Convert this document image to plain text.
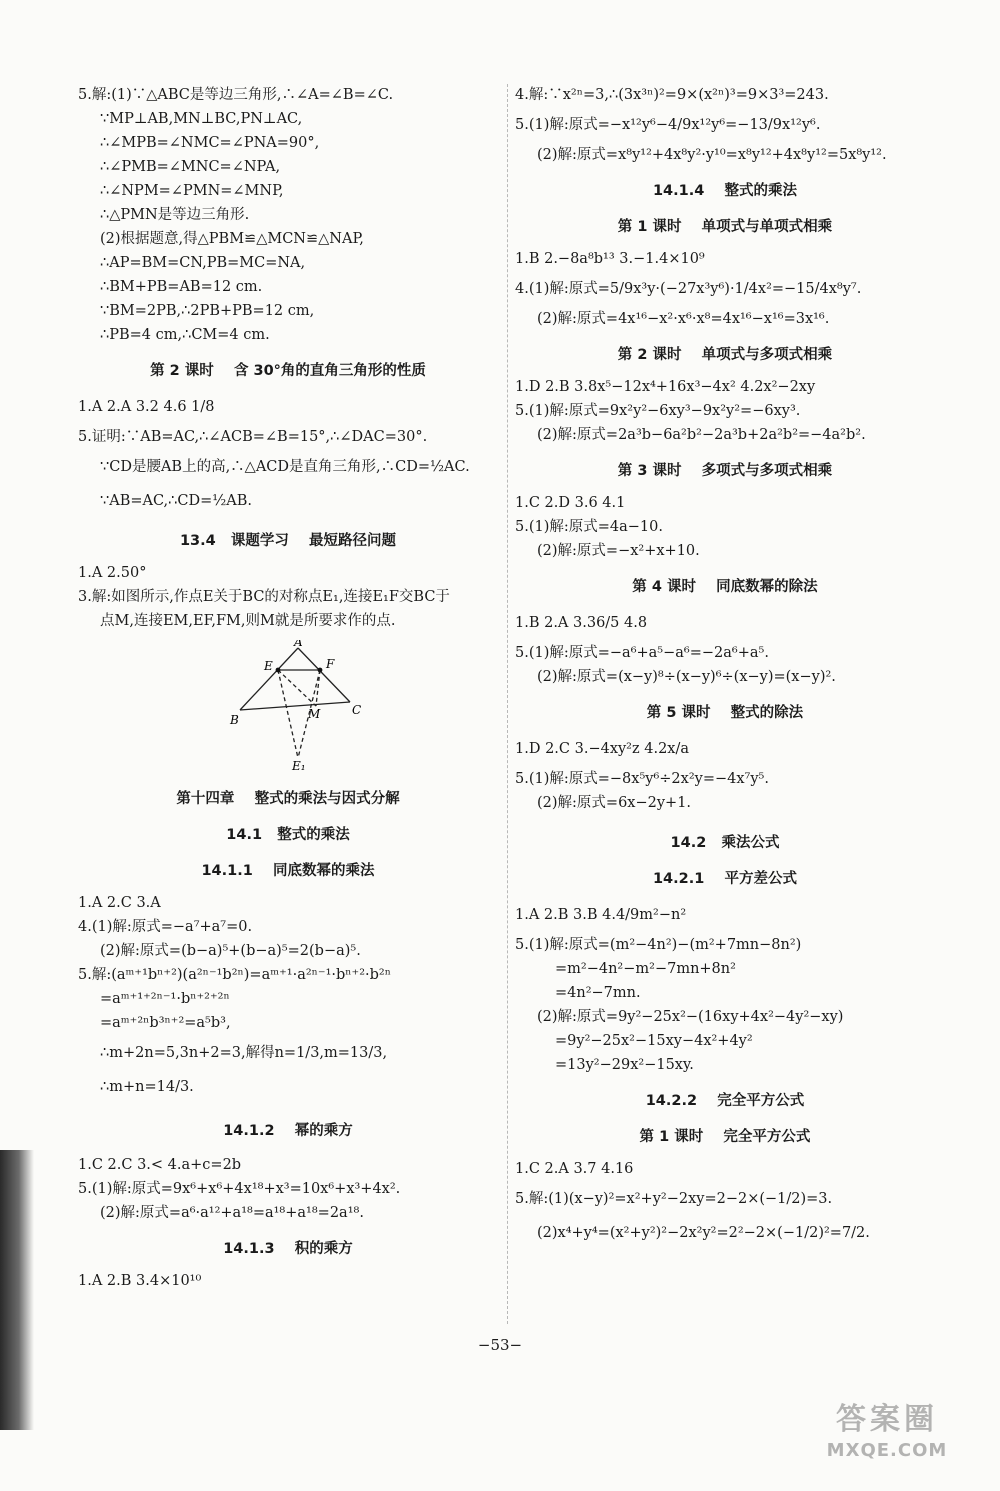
5.解:(1)∵△ABC是等边三角形,∴∠A=∠B=∠C.
∵MP⊥AB,MN⊥BC,PN⊥AC,
∴∠MPB=∠NMC=∠PNA=90°,
∴∠PMB=∠MNC=∠NPA,
∴∠NPM=∠PMN=∠MNP,
∴△PMN是等边三角形.
(2)根据题意,得△PBM≌△MCN≌△NAP,
∴AP=BM=CN,PB=MC=NA,
∴BM+PB=AB=12 cm.
∵BM=2PB,∴2PB+PB=12 cm,
∴PB=4 cm,∴CM=4 cm.
第 2 课时    含 30°角的直角三角形的性质
1.A 2.A 3.2 4.6 1/8
5.证明:∵AB=AC,∴∠ACB=∠B=15°,∴∠DAC=30°.
∵CD是腰AB上的高,∴△ACD是直角三角形,∴CD=½AC.
∵AB=AC,∴CD=½AB.
13.4   课题学习    最短路径问题
1.A 2.50°
3.解:如图所示,作点E关于BC的对称点E₁,连接E₁F交BC于
点M,连接EM,EF,FM,则M就是所要求作的点.
A
E	F
B	M	C
E₁
第十四章    整式的乘法与因式分解
14.1   整式的乘法
14.1.1    同底数幂的乘法
1.A 2.C 3.A
4.(1)解:原式=−a⁷+a⁷=0.
(2)解:原式=(b−a)⁵+(b−a)⁵=2(b−a)⁵.
5.解:(aᵐ⁺¹bⁿ⁺²)(a²ⁿ⁻¹b²ⁿ)=aᵐ⁺¹·a²ⁿ⁻¹·bⁿ⁺²·b²ⁿ
=aᵐ⁺¹⁺²ⁿ⁻¹·bⁿ⁺²⁺²ⁿ
=aᵐ⁺²ⁿb³ⁿ⁺²=a⁵b³,
∴m+2n=5,3n+2=3,解得n=1/3,m=13/3,
∴m+n=14/3.
14.1.2    幂的乘方
1.C 2.C 3.< 4.a+c=2b
5.(1)解:原式=9x⁶+x⁶+4x¹⁸+x³=10x⁶+x³+4x².
(2)解:原式=a⁶·a¹²+a¹⁸=a¹⁸+a¹⁸=2a¹⁸.
14.1.3    积的乘方
1.A 2.B 3.4×10¹⁰
4.解:∵x²ⁿ=3,∴(3x³ⁿ)²=9×(x²ⁿ)³=9×3³=243.
5.(1)解:原式=−x¹²y⁶−4/9x¹²y⁶=−13/9x¹²y⁶.
(2)解:原式=x⁸y¹²+4x⁸y²·y¹⁰=x⁸y¹²+4x⁸y¹²=5x⁸y¹².
14.1.4    整式的乘法
第 1 课时    单项式与单项式相乘
1.B 2.−8a⁸b¹³ 3.−1.4×10⁹
4.(1)解:原式=5/9x³y·(−27x³y⁶)·1/4x²=−15/4x⁸y⁷.
(2)解:原式=4x¹⁶−x²·x⁶·x⁸=4x¹⁶−x¹⁶=3x¹⁶.
第 2 课时    单项式与多项式相乘
1.D 2.B 3.8x⁵−12x⁴+16x³−4x² 4.2x²−2xy
5.(1)解:原式=9x²y²−6xy³−9x²y²=−6xy³.
(2)解:原式=2a³b−6a²b²−2a³b+2a²b²=−4a²b².
第 3 课时    多项式与多项式相乘
1.C 2.D 3.6 4.1
5.(1)解:原式=4a−10.
(2)解:原式=−x²+x+10.
第 4 课时    同底数幂的除法
1.B 2.A 3.36/5 4.8
5.(1)解:原式=−a⁶+a⁵−a⁶=−2a⁶+a⁵.
(2)解:原式=(x−y)⁸÷(x−y)⁶÷(x−y)=(x−y)².
第 5 课时    整式的除法
1.D 2.C 3.−4xy²z 4.2x/a
5.(1)解:原式=−8x⁵y⁶÷2x²y=−4x⁷y⁵.
(2)解:原式=6x−2y+1.
14.2   乘法公式
14.2.1    平方差公式
1.A 2.B 3.B 4.4/9m²−n²
5.(1)解:原式=(m²−4n²)−(m²+7mn−8n²)
=m²−4n²−m²−7mn+8n²
=4n²−7mn.
(2)解:原式=9y²−25x²−(16xy+4x²−4y²−xy)
=9y²−25x²−15xy−4x²+4y²
=13y²−29x²−15xy.
14.2.2    完全平方公式
第 1 课时    完全平方公式
1.C 2.A 3.7 4.16
5.解:(1)(x−y)²=x²+y²−2xy=2−2×(−1/2)=3.
(2)x⁴+y⁴=(x²+y²)²−2x²y²=2²−2×(−1/2)²=7/2.
−53−
答案圈
MXQE.COM
